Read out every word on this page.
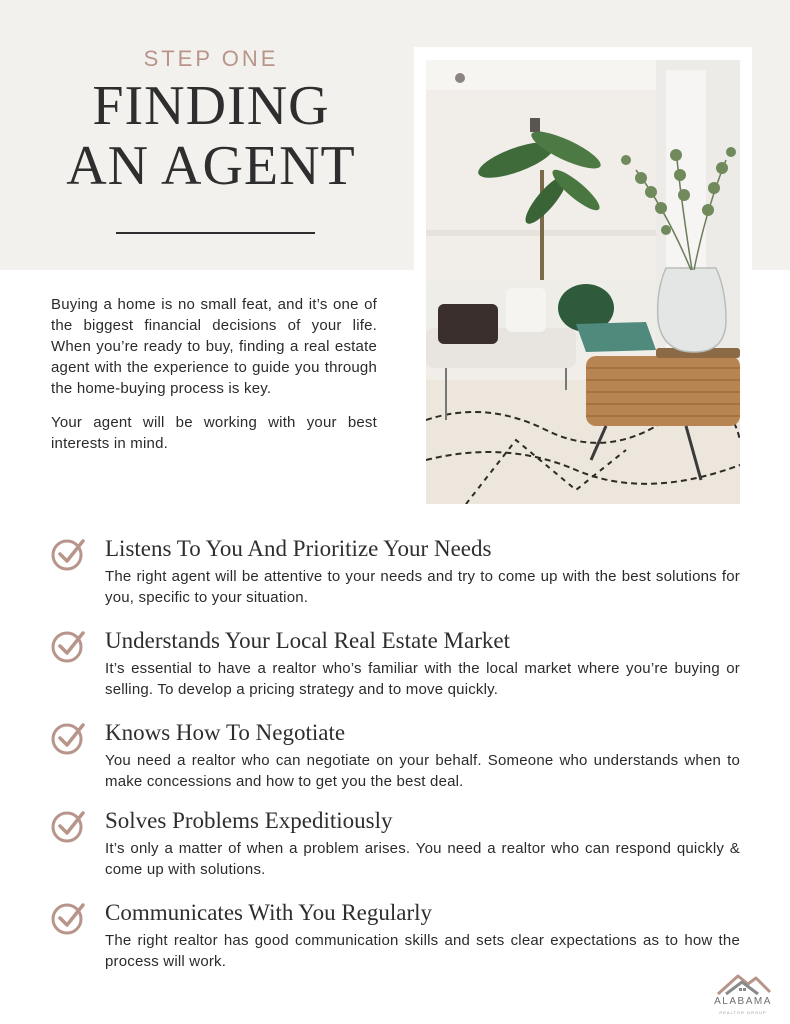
STEP ONE
FINDING
AN AGENT

Buying a home is no small feat, and it’s one of the biggest financial decisions of your life. When you’re ready to buy, finding a real estate agent with the experience to guide you through the home-buying process is key.

Your agent will be working with your best interests in mind.

Listens To You And Prioritize Your Needs

The right agent will be attentive to your needs and try to come up with the best solutions for you, specific to your situation.

Understands Your Local Real Estate Market

It’s essential to have a realtor who’s familiar with the local market where you’re buying or selling. To develop a pricing strategy and to move quickly.

Knows How To Negotiate

You need a realtor who can negotiate on your behalf. Someone who understands when to make concessions and how to get you the best deal.

Solves Problems Expeditiously

It’s only a matter of when a problem arises. You need a realtor who can respond quickly & come up with solutions.

Communicates With You Regularly

The right realtor has good communication skills and sets clear expectations as to how the process will work.

ALABAMA
REALTOR GROUP
